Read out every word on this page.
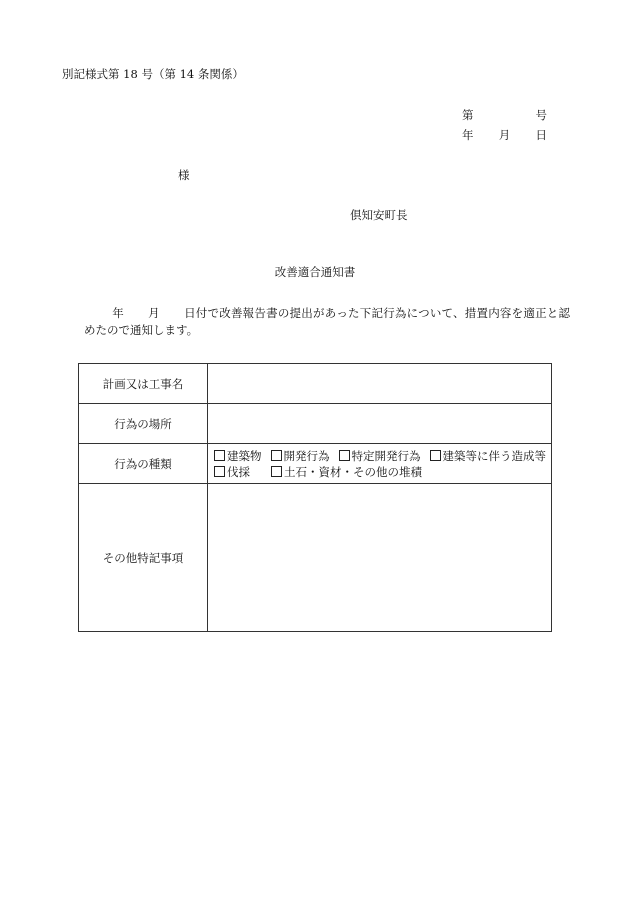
別記様式第 18 号（第 14 条関係）
第	号
年 月 日
様
倶知安町長
改善適合通知書
年 月 日付で改善報告書の提出があった下記行為について、措置内容を適正と認めたので通知します。
計画又は工事名	
行為の場所	
行為の種類	建築物 開発行為 特定開発行為 建築等に伴う造成等
伐採 土石・資材・その他の堆積

その他特記事項	
